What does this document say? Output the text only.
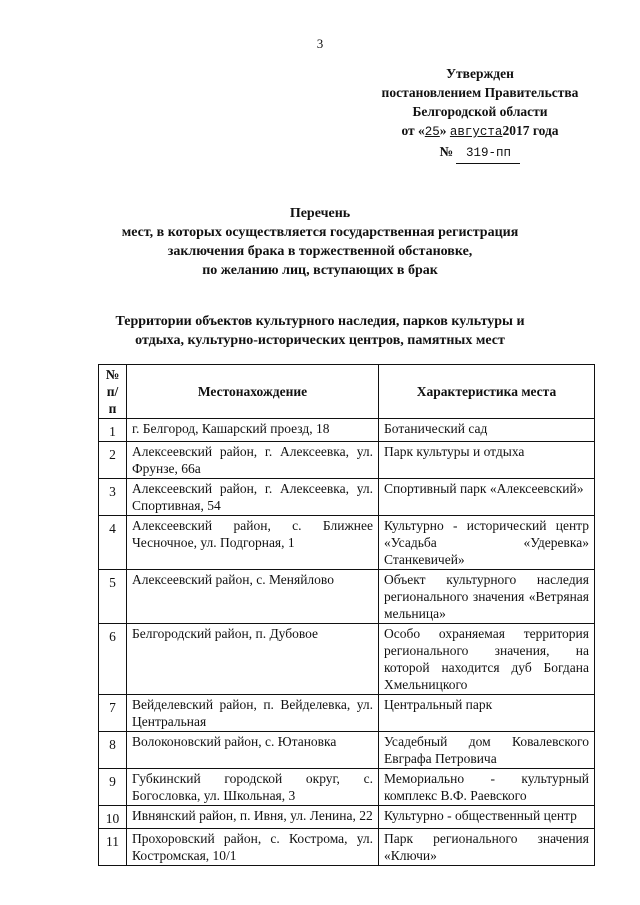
3
Утвержден
постановлением Правительства
Белгородской области
от «25» августа2017 года
№ 319-пп
Перечень
мест, в которых осуществляется государственная регистрация
заключения брака в торжественной обстановке,
по желанию лиц, вступающих в брак
Территории объектов культурного наследия, парков культуры и
отдыха, культурно-исторических центров, памятных мест
№ п/п	Местонахождение	Характеристика места
1	г. Белгород, Кашарский проезд, 18	Ботанический сад
2	Алексеевский район, г. Алексеевка, ул. Фрунзе, 66а	Парк культуры и отдыха
3	Алексеевский район, г. Алексеевка, ул. Спортивная, 54	Спортивный парк «Алексеевский»
4	Алексеевский район, с. Ближнее Чесночное, ул. Подгорная, 1	Культурно - исторический центр «Усадьба «Удеревка» Станкевичей»
5	Алексеевский район, с. Меняйлово	Объект культурного наследия регионального значения «Ветряная мельница»
6	Белгородский район, п. Дубовое	Особо охраняемая территория регионального значения, на которой находится дуб Богдана Хмельницкого
7	Вейделевский район, п. Вейделевка, ул. Центральная	Центральный парк
8	Волоконовский район, с. Ютановка	Усадебный дом Ковалевского Евграфа Петровича
9	Губкинский городской округ, с. Богословка, ул. Школьная, 3	Мемориально - культурный комплекс В.Ф. Раевского
10	Ивнянский район, п. Ивня, ул. Ленина, 22	Культурно - общественный центр
11	Прохоровский район, с. Кострома, ул. Костромская, 10/1	Парк регионального значения «Ключи»
